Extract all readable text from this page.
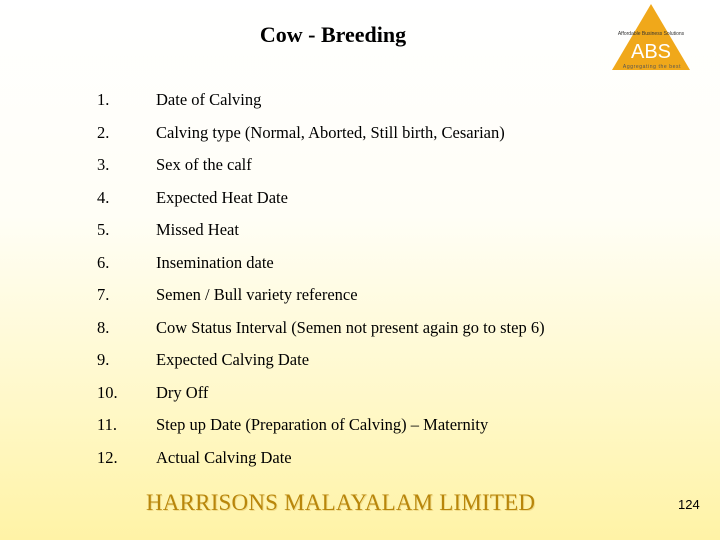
Cow - Breeding	Affordable Business Solutions
ABS
Aggregating the best
1.	Date of Calving
2.	Calving type (Normal, Aborted, Still birth, Cesarian)
3.	Sex of the calf
4.	Expected Heat Date
5.	Missed Heat
6.	Insemination date
7.	Semen / Bull variety reference
8.	Cow Status Interval (Semen not present again go to step 6)
9.	Expected Calving Date
10.	Dry Off
11.	Step up Date (Preparation of Calving) – Maternity
12.	Actual Calving Date
HARRISONS MALAYALAM LIMITED	124
